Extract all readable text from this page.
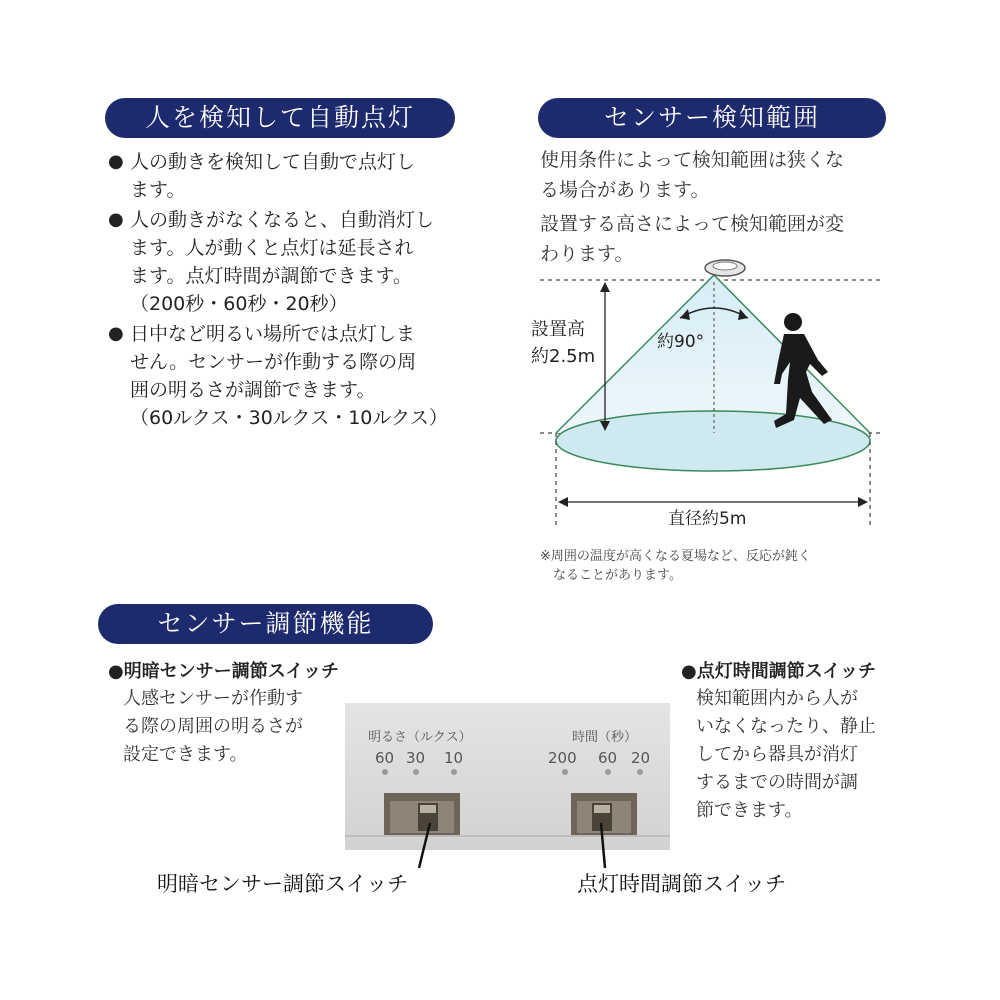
人を検知して自動点灯
● 人の動きを検知して自動で点灯し
ます。
● 人の動きがなくなると、自動消灯し
ます。人が動くと点灯は延長され
ます。点灯時間が調節できます。
（200秒・60秒・20秒）
● 日中など明るい場所では点灯しま
せん。センサーが作動する際の周
囲の明るさが調節できます。
（60ルクス・30ルクス・10ルクス）
センサー検知範囲

使用条件によって検知範囲は狭くな
る場合があります。

設置する高さによって検知範囲が変
わります。

設置高
約2.5m
約90°
直径約5m
※周囲の温度が高くなる夏場など、反応が鈍く
　なることがあります。
センサー調節機能
●明暗センサー調節スイッチ
人感センサーが作動す
る際の周囲の明るさが
設定できます。
●点灯時間調節スイッチ
検知範囲内から人が
いなくなったり、静止
してから器具が消灯
するまでの時間が調
節できます。
明るさ（ルクス）
60 30 10
時間（秒）
200 60 20
明暗センサー調節スイッチ	点灯時間調節スイッチ
